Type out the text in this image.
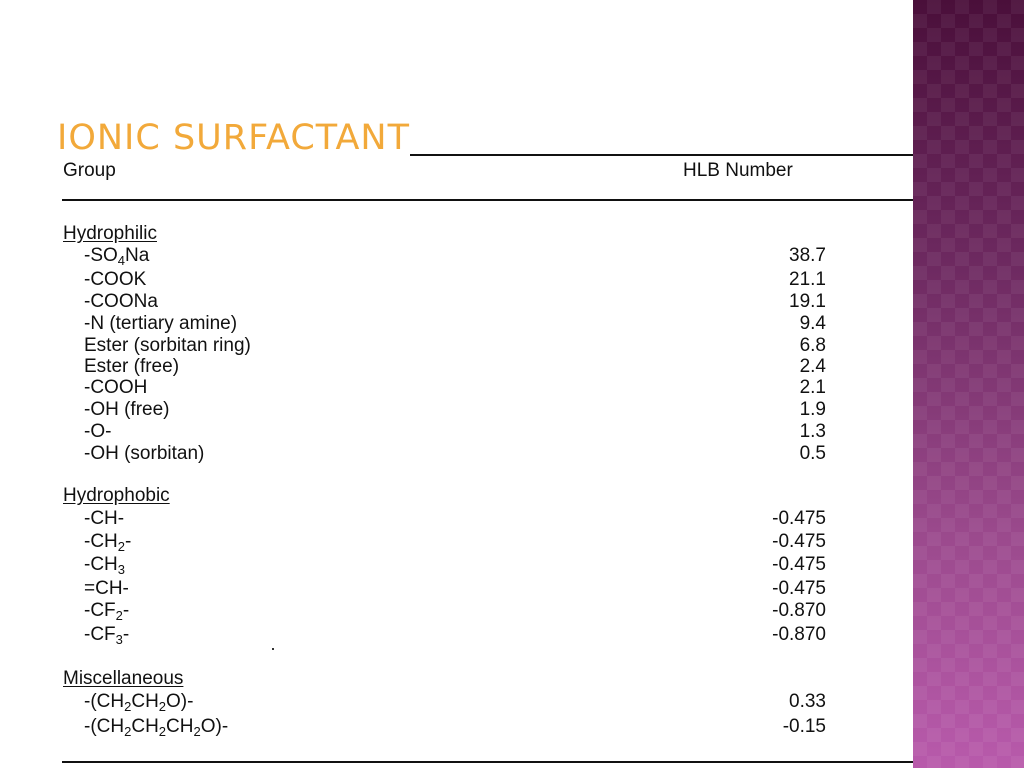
IONIC SURFACTANT
Group	HLB Number
Hydrophilic
$-SO_4Na$	38.7
-COOK	21.1
-COONa	19.1
-N (tertiary amine)	9.4
Ester (sorbitan ring)	6.8
Ester (free)	2.4
-COOH	2.1
-OH (free)	1.9
-O-	1.3
-OH (sorbitan)	0.5
Hydrophobic
-CH-	-0.475
$-CH_2-$	-0.475
$-CH_3$	-0.475
=CH-	-0.475
$-CF_2-$	-0.870
$-CF_3-$	-0.870
Miscellaneous
$-(CH_2CH_2O)-$	0.33
$-(CH_2CH_2CH_2O)-$	-0.15
